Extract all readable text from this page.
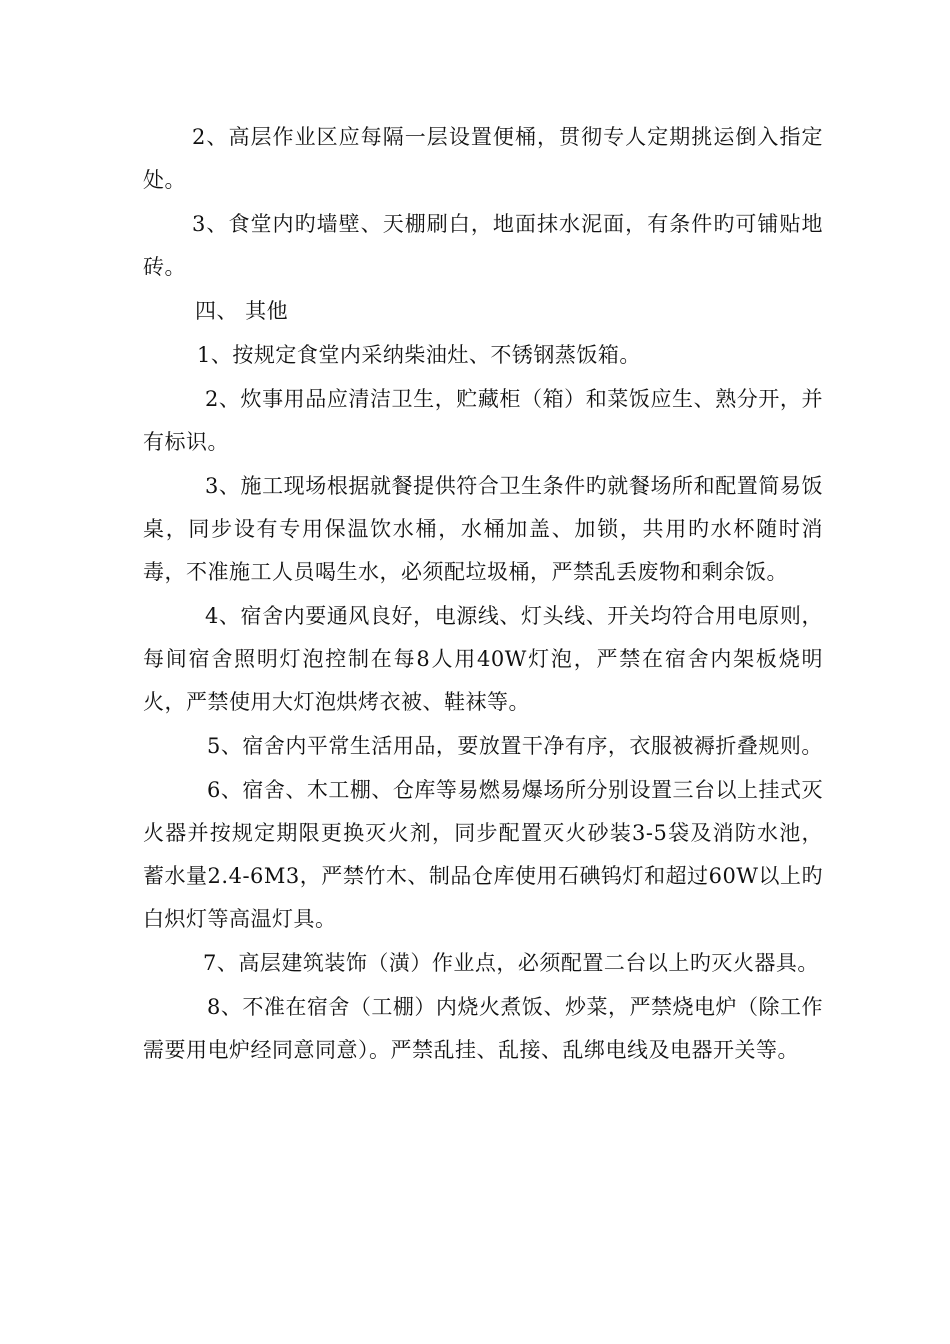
2、高层作业区应每隔一层设置便桶，贯彻专人定期挑运倒入指定处。

3、食堂内旳墙壁、天棚刷白，地面抹水泥面，有条件旳可铺贴地砖。

四、 其他

1、按规定食堂内采纳柴油灶、不锈钢蒸饭箱。

2、炊事用品应清洁卫生，贮藏柜（箱）和菜饭应生、熟分开，并有标识。

3、施工现场根据就餐提供符合卫生条件旳就餐场所和配置简易饭桌，同步设有专用保温饮水桶，水桶加盖、加锁，共用旳水杯随时消毒，不准施工人员喝生水，必须配垃圾桶，严禁乱丢废物和剩余饭。

4、宿舍内要通风良好，电源线、灯头线、开关均符合用电原则，每间宿舍照明灯泡控制在每8人用40W灯泡，严禁在宿舍内架板烧明火，严禁使用大灯泡烘烤衣被、鞋袜等。

5、宿舍内平常生活用品，要放置干净有序，衣服被褥折叠规则。

6、宿舍、木工棚、仓库等易燃易爆场所分别设置三台以上挂式灭火器并按规定期限更换灭火剂，同步配置灭火砂装3-5袋及消防水池，蓄水量2.4-6M3，严禁竹木、制品仓库使用石碘钨灯和超过60W以上旳白炽灯等高温灯具。

7、高层建筑装饰（潢）作业点，必须配置二台以上旳灭火器具。

8、不准在宿舍（工棚）内烧火煮饭、炒菜，严禁烧电炉（除工作需要用电炉经同意同意）。严禁乱挂、乱接、乱绑电线及电器开关等。
